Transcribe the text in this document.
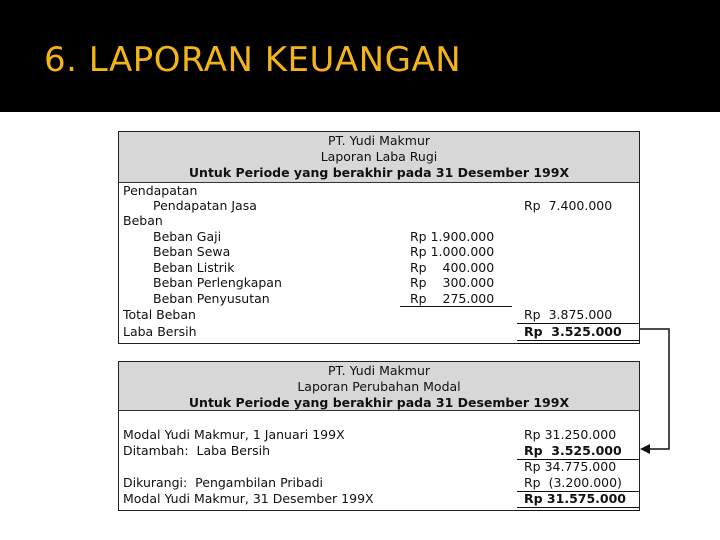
6. LAPORAN KEUANGAN
PT. Yudi Makmur
Laporan Laba Rugi
Untuk Periode yang berakhir pada 31 Desember 199X
Pendapatan
Pendapatan Jasa	Rp  7.400.000
Beban
Beban Gaji	Rp 1.900.000
Beban Sewa	Rp 1.000.000
Beban Listrik	Rp    400.000
Beban Perlengkapan	Rp    300.000
Beban Penyusutan	Rp    275.000
Total Beban	Rp  3.875.000
Laba Bersih	Rp  3.525.000
PT. Yudi Makmur
Laporan Perubahan Modal
Untuk Periode yang berakhir pada 31 Desember 199X
Modal Yudi Makmur, 1 Januari 199X	Rp 31.250.000
Ditambah:  Laba Bersih	Rp  3.525.000
Rp 34.775.000
Dikurangi:  Pengambilan Pribadi	Rp  (3.200.000)
Modal Yudi Makmur, 31 Desember 199X	Rp 31.575.000
